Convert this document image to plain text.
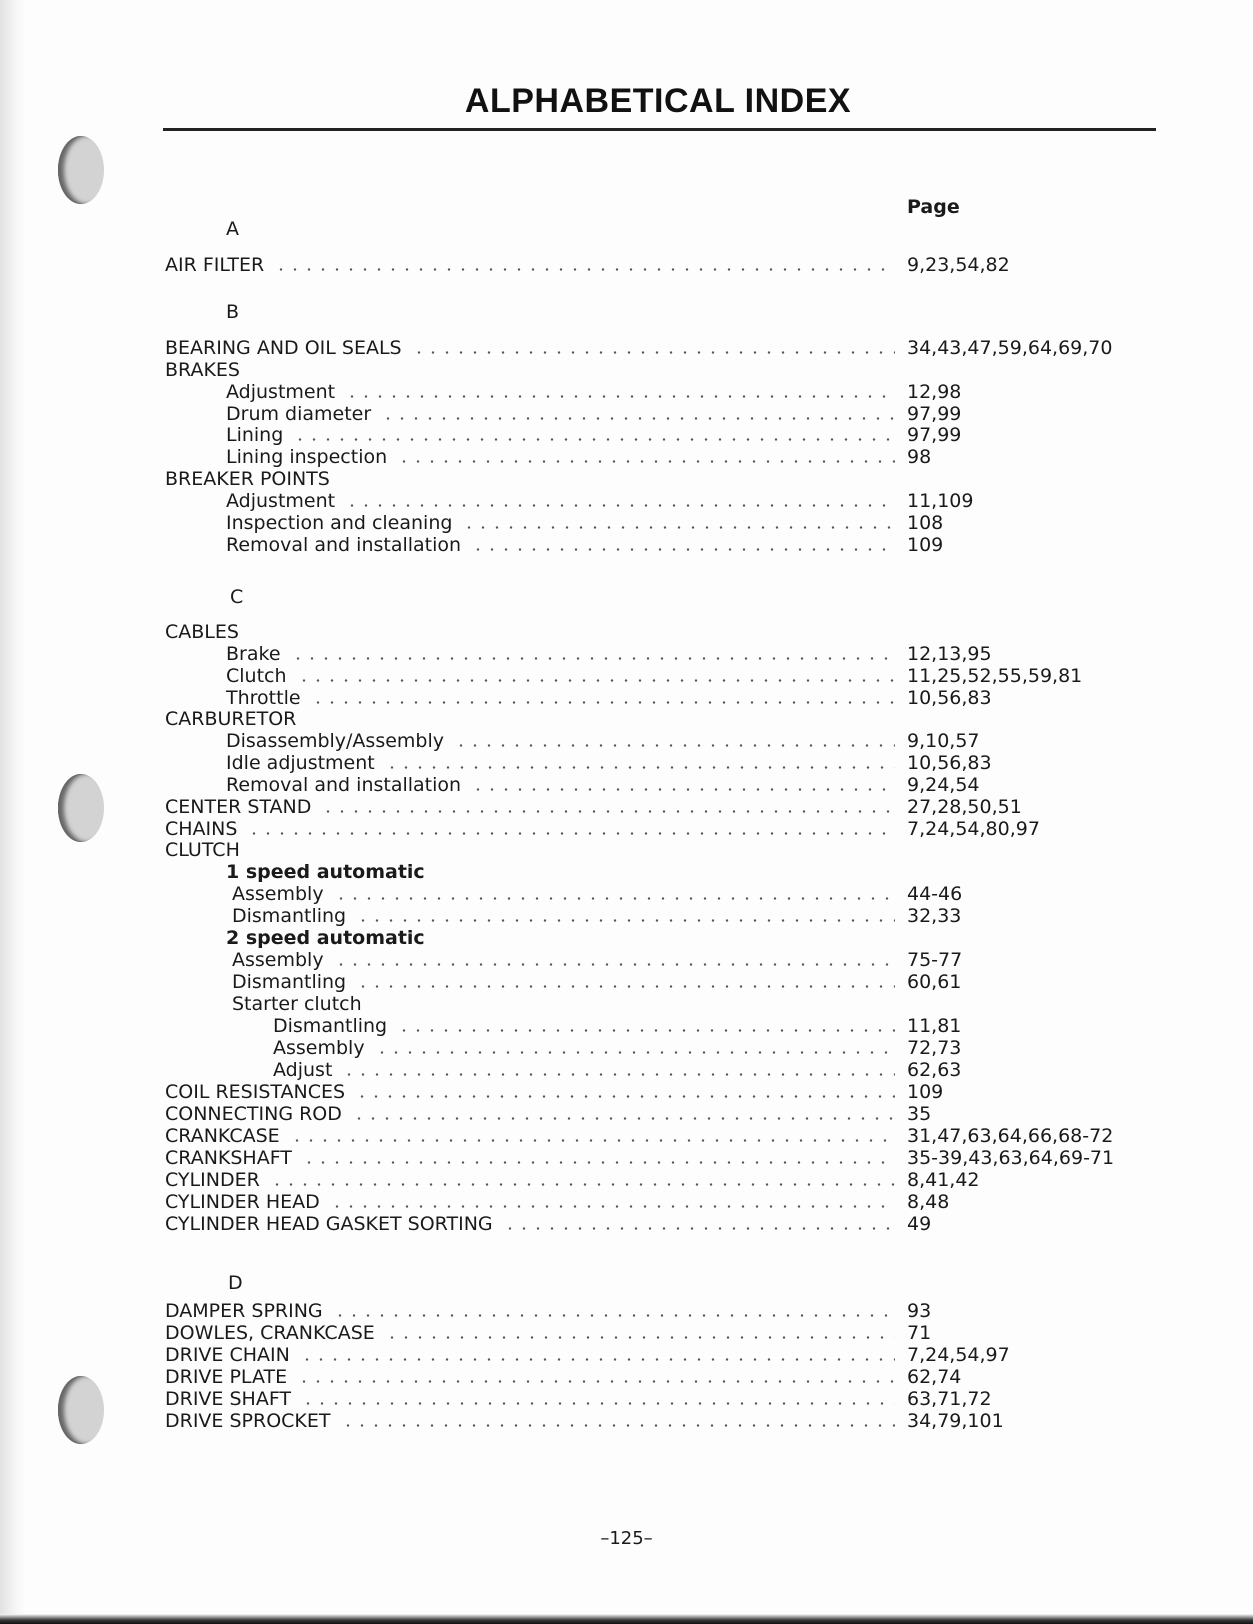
ALPHABETICAL INDEX
Page
A
B
C
D
AIR FILTER	9,23,54,82
BEARING AND OIL SEALS	34,43,47,59,64,69,70
BRAKES
Adjustment	12,98
Drum diameter	97,99
Lining	97,99
Lining inspection	98
BREAKER POINTS
Adjustment	11,109
Inspection and cleaning	108
Removal and installation	109
CABLES
Brake	12,13,95
Clutch	11,25,52,55,59,81
Throttle	10,56,83
CARBURETOR
Disassembly/Assembly	9,10,57
Idle adjustment	10,56,83
Removal and installation	9,24,54
CENTER STAND	27,28,50,51
CHAINS	7,24,54,80,97
CLUTCH
1 speed automatic
Assembly	44-46
Dismantling	32,33
2 speed automatic
Assembly	75-77
Dismantling	60,61
Starter clutch
Dismantling	11,81
Assembly	72,73
Adjust	62,63
COIL RESISTANCES	109
CONNECTING ROD	35
CRANKCASE	31,47,63,64,66,68-72
CRANKSHAFT	35-39,43,63,64,69-71
CYLINDER	8,41,42
CYLINDER HEAD	8,48
CYLINDER HEAD GASKET SORTING	49
DAMPER SPRING	93
DOWLES, CRANKCASE	71
DRIVE CHAIN	7,24,54,97
DRIVE PLATE	62,74
DRIVE SHAFT	63,71,72
DRIVE SPROCKET	34,79,101
–125–
